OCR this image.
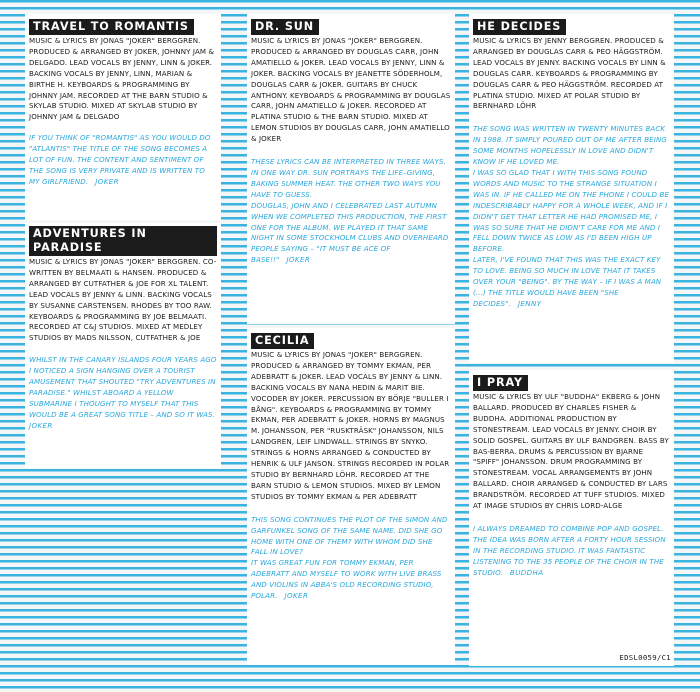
TRAVEL TO ROMANTIS

MUSIC & LYRICS BY JONAS "JOKER" BERGGREN. PRODUCED & ARRANGED BY JOKER, JOHNNY JAM & DELGADO. LEAD VOCALS BY JENNY, LINN & JOKER. BACKING VOCALS BY JENNY, LINN, MARIAN & BIRTHE H. KEYBOARDS & PROGRAMMING BY JOHNNY JAM. RECORDED AT THE BARN STUDIO & SKYLAB STUDIO. MIXED AT SKYLAB STUDIO BY JOHNNY JAM & DELGADO

IF YOU THINK OF "ROMANTIS" AS YOU WOULD DO "ATLANTIS" THE TITLE OF THE SONG BECOMES A LOT OF FUN. THE CONTENT AND SENTIMENT OF THE SONG IS VERY PRIVATE AND IS WRITTEN TO MY GIRLFRIEND. JOKER

ADVENTURES IN PARADISE

MUSIC & LYRICS BY JONAS "JOKER" BERGGREN. CO-WRITTEN BY BELMAATI & HANSEN. PRODUCED & ARRANGED BY CUTFATHER & JOE FOR XL TALENT. LEAD VOCALS BY JENNY & LINN. BACKING VOCALS BY SUSANNE CARSTENSEN. RHODES BY TOO RAW. KEYBOARDS & PROGRAMMING BY JOE BELMAATI. RECORDED AT C&J STUDIOS. MIXED AT MEDLEY STUDIOS BY MADS NILSSON, CUTFATHER & JOE

WHILST IN THE CANARY ISLANDS FOUR YEARS AGO I NOTICED A SIGN HANGING OVER A TOURIST AMUSEMENT THAT SHOUTED "TRY ADVENTURES IN PARADISE." WHILST ABOARD A YELLOW SUBMARINE I THOUGHT TO MYSELF THAT THIS WOULD BE A GREAT SONG TITLE – AND SO IT WAS. JOKER

DR. SUN

MUSIC & LYRICS BY JONAS "JOKER" BERGGREN. PRODUCED & ARRANGED BY DOUGLAS CARR, JOHN AMATIELLO & JOKER. LEAD VOCALS BY JENNY, LINN & JOKER. BACKING VOCALS BY JEANETTE SÖDERHOLM, DOUGLAS CARR & JOKER. GUITARS BY CHUCK ANTHONY. KEYBOARDS & PROGRAMMING BY DOUGLAS CARR, JOHN AMATIELLO & JOKER. RECORDED AT PLATINA STUDIO & THE BARN STUDIO. MIXED AT LEMON STUDIOS BY DOUGLAS CARR, JOHN AMATIELLO & JOKER

THESE LYRICS CAN BE INTERPRETED IN THREE WAYS. IN ONE WAY DR. SUN PORTRAYS THE LIFE–GIVING, BAKING SUMMER HEAT. THE OTHER TWO WAYS YOU HAVE TO GUESS.

DOUGLAS, JOHN AND I CELEBRATED LAST AUTUMN WHEN WE COMPLETED THIS PRODUCTION, THE FIRST ONE FOR THE ALBUM. WE PLAYED IT THAT SAME NIGHT IN SOME STOCKHOLM CLUBS AND OVERHEARD PEOPLE SAYING – "IT MUST BE ACE OF BASE!!" JOKER

CECILIA

MUSIC & LYRICS BY JONAS "JOKER" BERGGREN. PRODUCED & ARRANGED BY TOMMY EKMAN, PER ADEBRATT & JOKER. LEAD VOCALS BY JENNY & LINN. BACKING VOCALS BY NANA HEDIN & MARIT BIE. VOCODER BY JOKER. PERCUSSION BY BÖRJE "BULLER I BÅNG". KEYBOARDS & PROGRAMMING BY TOMMY EKMAN, PER ADEBRATT & JOKER. HORNS BY MAGNUS M. JOHANSSON, PER "RUSKTRÄSK" JOHANSSON, NILS LANDGREN, LEIF LINDWALL. STRINGS BY SNYKO. STRINGS & HORNS ARRANGED & CONDUCTED BY HENRIK & ULF JANSON. STRINGS RECORDED IN POLAR STUDIO BY BERNHARD LÖHR. RECORDED AT THE BARN STUDIO & LEMON STUDIOS. MIXED BY LEMON STUDIOS BY TOMMY EKMAN & PER ADEBRATT

THIS SONG CONTINUES THE PLOT OF THE SIMON AND GARFUNKEL SONG OF THE SAME NAME. DID SHE GO HOME WITH ONE OF THEM? WITH WHOM DID SHE FALL IN LOVE?

IT WAS GREAT FUN FOR TOMMY EKMAN, PER ADEBRATT AND MYSELF TO WORK WITH LIVE BRASS AND VIOLINS IN ABBA'S OLD RECORDING STUDIO, POLAR. JOKER

HE DECIDES

MUSIC & LYRICS BY JENNY BERGGREN. PRODUCED & ARRANGED BY DOUGLAS CARR & PEO HÄGGSTRÖM. LEAD VOCALS BY JENNY. BACKING VOCALS BY LINN & DOUGLAS CARR. KEYBOARDS & PROGRAMMING BY DOUGLAS CARR & PEO HÄGGSTRÖM. RECORDED AT PLATINA STUDIO. MIXED AT POLAR STUDIO BY BERNHARD LÖHR

THE SONG WAS WRITTEN IN TWENTY MINUTES BACK IN 1988. IT SIMPLY POURED OUT OF ME AFTER BEING SOME MONTHS HOPELESSLY IN LOVE AND DIDN'T KNOW IF HE LOVED ME.

I WAS SO GLAD THAT I WITH THIS SONG FOUND WORDS AND MUSIC TO THE STRANGE SITUATION I WAS IN. IF HE CALLED ME ON THE PHONE I COULD BE INDESCRIBABLY HAPPY FOR A WHOLE WEEK, AND IF I DIDN'T GET THAT LETTER HE HAD PROMISED ME, I WAS SO SURE THAT HE DIDN'T CARE FOR ME AND I FELL DOWN TWICE AS LOW AS I'D BEEN HIGH UP BEFORE.

LATER, I'VE FOUND THAT THIS WAS THE EXACT KEY TO LOVE. BEING SO MUCH IN LOVE THAT IT TAKES OVER YOUR "BEING". BY THE WAY – IF I WAS A MAN (...) THE TITLE WOULD HAVE BEEN "SHE DECIDES". JENNY

I PRAY

MUSIC & LYRICS BY ULF "BUDDHA" EKBERG & JOHN BALLARD. PRODUCED BY CHARLES FISHER & BUDDHA. ADDITIONAL PRODUCTION BY STONESTREAM. LEAD VOCALS BY JENNY. CHOIR BY SOLID GOSPEL. GUITARS BY ULF BANDGREN. BASS BY BAS-BERRA. DRUMS & PERCUSSION BY BJARNE "SPIFF" JOHANSSON. DRUM PROGRAMMING BY STONESTREAM. VOCAL ARRANGEMENTS BY JOHN BALLARD. CHOIR ARRANGED & CONDUCTED BY LARS BRANDSTRÖM. RECORDED AT TUFF STUDIOS. MIXED AT IMAGE STUDIOS BY CHRIS LORD-ALGE

I ALWAYS DREAMED TO COMBINE POP AND GOSPEL. THE IDEA WAS BORN AFTER A FORTY HOUR SESSION IN THE RECORDING STUDIO. IT WAS FANTASTIC LISTENING TO THE 35 PEOPLE OF THE CHOIR IN THE STUDIO. BUDDHA

EDSL0059/C1
